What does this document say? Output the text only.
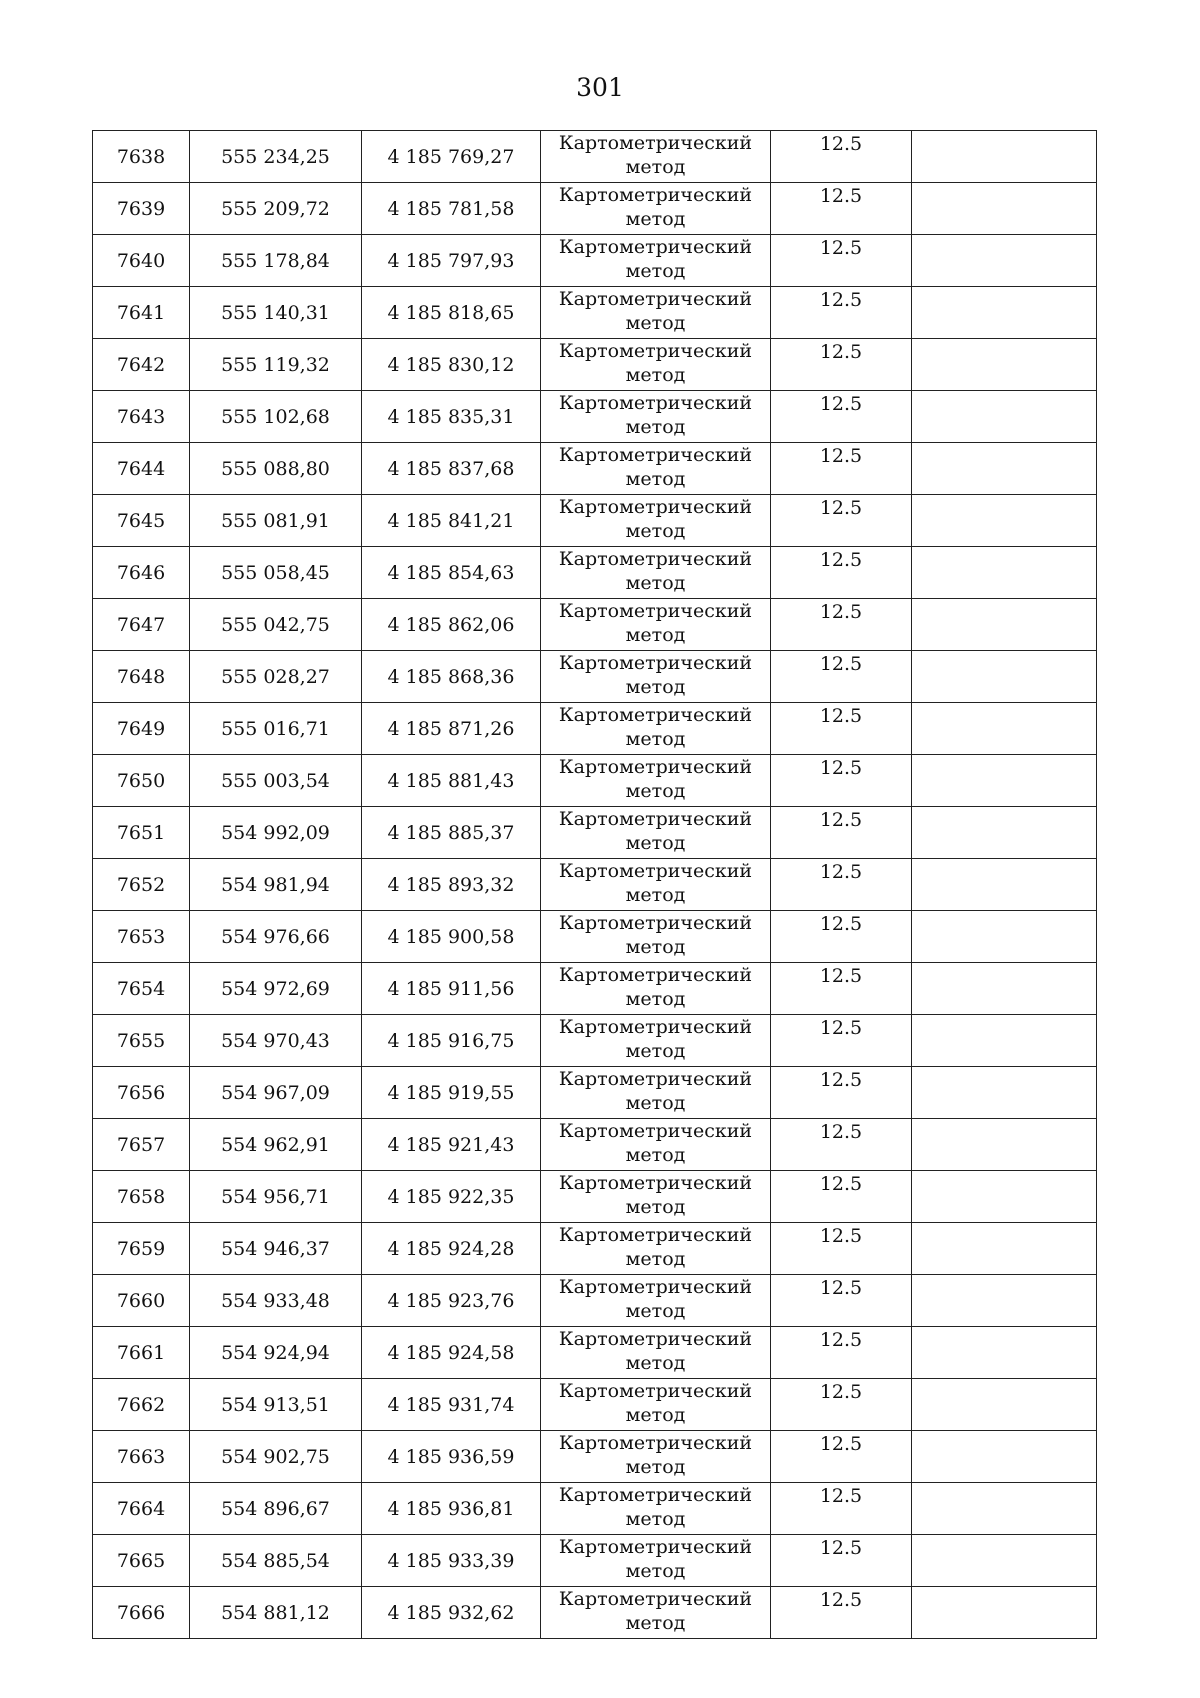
301
7638	555 234,25	4 185 769,27	Картометрический
метод	12.5	
7639	555 209,72	4 185 781,58	Картометрический
метод	12.5	
7640	555 178,84	4 185 797,93	Картометрический
метод	12.5	
7641	555 140,31	4 185 818,65	Картометрический
метод	12.5	
7642	555 119,32	4 185 830,12	Картометрический
метод	12.5	
7643	555 102,68	4 185 835,31	Картометрический
метод	12.5	
7644	555 088,80	4 185 837,68	Картометрический
метод	12.5	
7645	555 081,91	4 185 841,21	Картометрический
метод	12.5	
7646	555 058,45	4 185 854,63	Картометрический
метод	12.5	
7647	555 042,75	4 185 862,06	Картометрический
метод	12.5	
7648	555 028,27	4 185 868,36	Картометрический
метод	12.5	
7649	555 016,71	4 185 871,26	Картометрический
метод	12.5	
7650	555 003,54	4 185 881,43	Картометрический
метод	12.5	
7651	554 992,09	4 185 885,37	Картометрический
метод	12.5	
7652	554 981,94	4 185 893,32	Картометрический
метод	12.5	
7653	554 976,66	4 185 900,58	Картометрический
метод	12.5	
7654	554 972,69	4 185 911,56	Картометрический
метод	12.5	
7655	554 970,43	4 185 916,75	Картометрический
метод	12.5	
7656	554 967,09	4 185 919,55	Картометрический
метод	12.5	
7657	554 962,91	4 185 921,43	Картометрический
метод	12.5	
7658	554 956,71	4 185 922,35	Картометрический
метод	12.5	
7659	554 946,37	4 185 924,28	Картометрический
метод	12.5	
7660	554 933,48	4 185 923,76	Картометрический
метод	12.5	
7661	554 924,94	4 185 924,58	Картометрический
метод	12.5	
7662	554 913,51	4 185 931,74	Картометрический
метод	12.5	
7663	554 902,75	4 185 936,59	Картометрический
метод	12.5	
7664	554 896,67	4 185 936,81	Картометрический
метод	12.5	
7665	554 885,54	4 185 933,39	Картометрический
метод	12.5	
7666	554 881,12	4 185 932,62	Картометрический
метод	12.5	
